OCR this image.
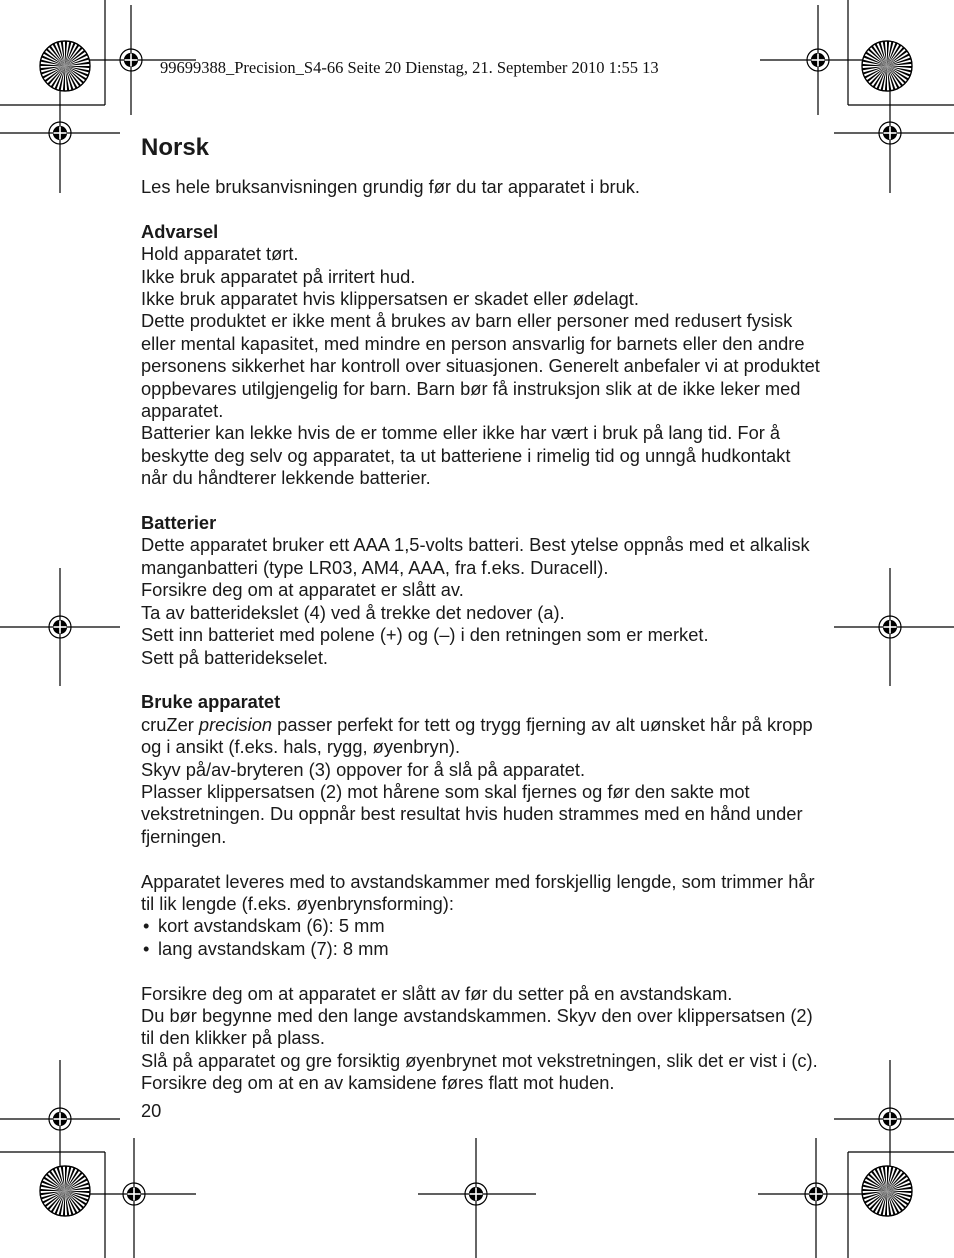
99699388_Precision_S4-66 Seite 20 Dienstag, 21. September 2010 1:55 13
Norsk

Les hele bruksanvisningen grundig før du tar apparatet i bruk.

Advarsel

Hold apparatet tørt.

Ikke bruk apparatet på irritert hud.

Ikke bruk apparatet hvis klippersatsen er skadet eller ødelagt.

Dette produktet er ikke ment å brukes av barn eller personer med redusert fysisk eller mental kapasitet, med mindre en person ansvarlig for barnets eller den andre personens sikkerhet har kontroll over situasjonen. Generelt anbefaler vi at produktet oppbevares utilgjengelig for barn. Barn bør få instruksjon slik at de ikke leker med apparatet.

Batterier kan lekke hvis de er tomme eller ikke har vært i bruk på lang tid. For å beskytte deg selv og apparatet, ta ut batteriene i rimelig tid og unngå hudkontakt når du håndterer lekkende batterier.

Batterier

Dette apparatet bruker ett AAA 1,5-volts batteri. Best ytelse oppnås med et alkalisk manganbatteri (type LR03, AM4, AAA, fra f.eks. Duracell).

Forsikre deg om at apparatet er slått av.

Ta av batteridekslet (4) ved å trekke det nedover (a).

Sett inn batteriet med polene (+) og (–) i den retningen som er merket.

Sett på batteridekselet.

Bruke apparatet

cruZer precision passer perfekt for tett og trygg fjerning av alt uønsket hår på kropp og i ansikt (f.eks. hals, rygg, øyenbryn).

Skyv på/av-bryteren (3) oppover for å slå på apparatet.

Plasser klippersatsen (2) mot hårene som skal fjernes og før den sakte mot vekstretningen. Du oppnår best resultat hvis huden strammes med en hånd under fjerningen.

Apparatet leveres med to avstandskammer med forskjellig lengde, som trimmer hår til lik lengde (f.eks. øyenbrynsforming):

• kort avstandskam (6): 5 mm
• lang avstandskam (7): 8 mm

Forsikre deg om at apparatet er slått av før du setter på en avstandskam.

Du bør begynne med den lange avstandskammen. Skyv den over klippersatsen (2) til den klikker på plass.

Slå på apparatet og gre forsiktig øyenbrynet mot vekstretningen, slik det er vist i (c). Forsikre deg om at en av kamsidene føres flatt mot huden.

20
